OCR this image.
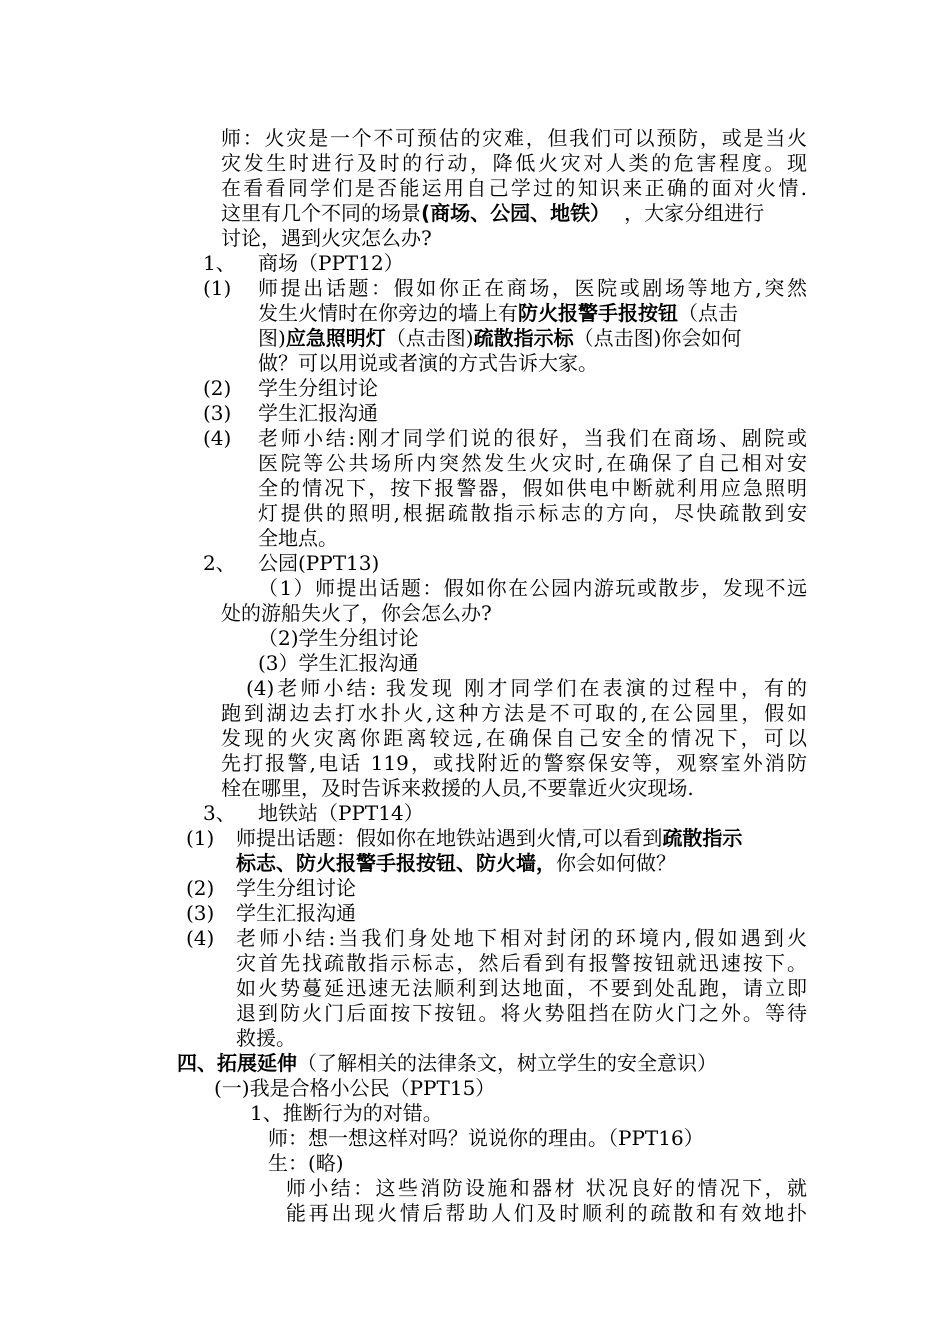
师：火灾是一个不可预估的灾难，但我们可以预防，或是当火
灾发生时进行及时的行动，降低火灾对人类的危害程度。现
在看看同学们是否能运用自己学过的知识来正确的面对火情.
这里有几个不同的场景(商场、公园、地铁） ，大家分组进行
讨论，遇到火灾怎么办?
1、 商场（PPT12）
(1) 师提出话题：假如你正在商场，医院或剧场等地方,突然
发生火情时在你旁边的墙上有防火报警手报按钮（点击
图)应急照明灯（点击图)疏散指示标（点击图)你会如何
做？可以用说或者演的方式告诉大家。
(2) 学生分组讨论
(3) 学生汇报沟通
(4) 老师小结:刚才同学们说的很好，当我们在商场、剧院或
医院等公共场所内突然发生火灾时,在确保了自己相对安
全的情况下，按下报警器，假如供电中断就利用应急照明
灯提供的照明,根据疏散指示标志的方向，尽快疏散到安
全地点。
2、 公园(PPT13)
（1）师提出话题：假如你在公园内游玩或散步，发现不远
处的游船失火了，你会怎么办?
（2)学生分组讨论
(3）学生汇报沟通
(4)老师小结: 我发现 刚才同学们在表演的过程中，有的
跑到湖边去打水扑火,这种方法是不可取的,在公园里，假如
发现的火灾离你距离较远,在确保自己安全的情况下，可以
先打报警,电话 119，或找附近的警察保安等，观察室外消防
栓在哪里，及时告诉来救援的人员,不要靠近火灾现场.
3、 地铁站（PPT14）
(1) 师提出话题：假如你在地铁站遇到火情,可以看到疏散指示
标志、防火报警手报按钮、防火墙，你会如何做？
(2) 学生分组讨论
(3) 学生汇报沟通
(4) 老师小结:当我们身处地下相对封闭的环境内,假如遇到火
灾首先找疏散指示标志，然后看到有报警按钮就迅速按下。
如火势蔓延迅速无法顺利到达地面，不要到处乱跑，请立即
退到防火门后面按下按钮。将火势阻挡在防火门之外。等待
救援。
四、拓展延伸（了解相关的法律条文，树立学生的安全意识）
(一)我是合格小公民（PPT15）
1、推断行为的对错。
师：想一想这样对吗？说说你的理由。（PPT16）
生：(略)
师小结：这些消防设施和器材 状况良好的情况下，就
能再出现火情后帮助人们及时顺利的疏散和有效地扑
